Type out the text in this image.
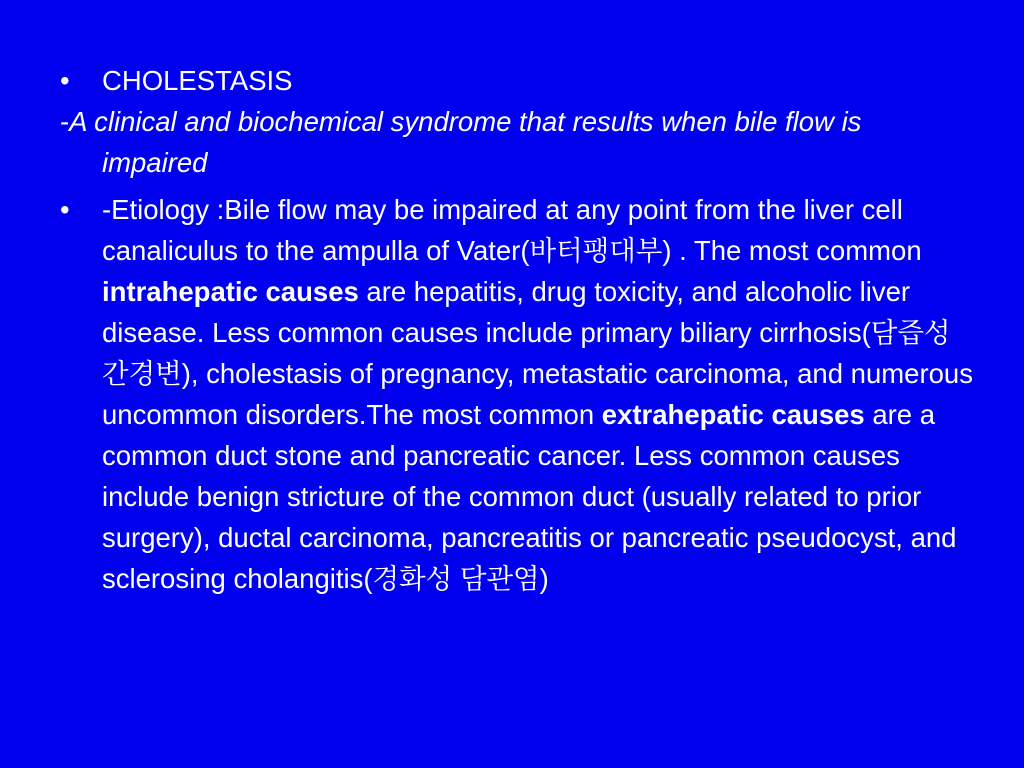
• CHOLESTASIS
-A clinical and biochemical syndrome that results when bile flow is impaired
• -Etiology :Bile flow may be impaired at any point from the liver cell canaliculus to the ampulla of Vater(바터팽대부) . The most common intrahepatic causes are hepatitis, drug toxicity, and alcoholic liver disease. Less common causes include primary biliary cirrhosis(담즙성간경변), cholestasis of pregnancy, metastatic carcinoma, and numerous uncommon disorders.The most common extrahepatic causes are a common duct stone and pancreatic cancer. Less common causes include benign stricture of the common duct (usually related to prior surgery), ductal carcinoma, pancreatitis or pancreatic pseudocyst, and sclerosing cholangitis(경화성 담관염)
